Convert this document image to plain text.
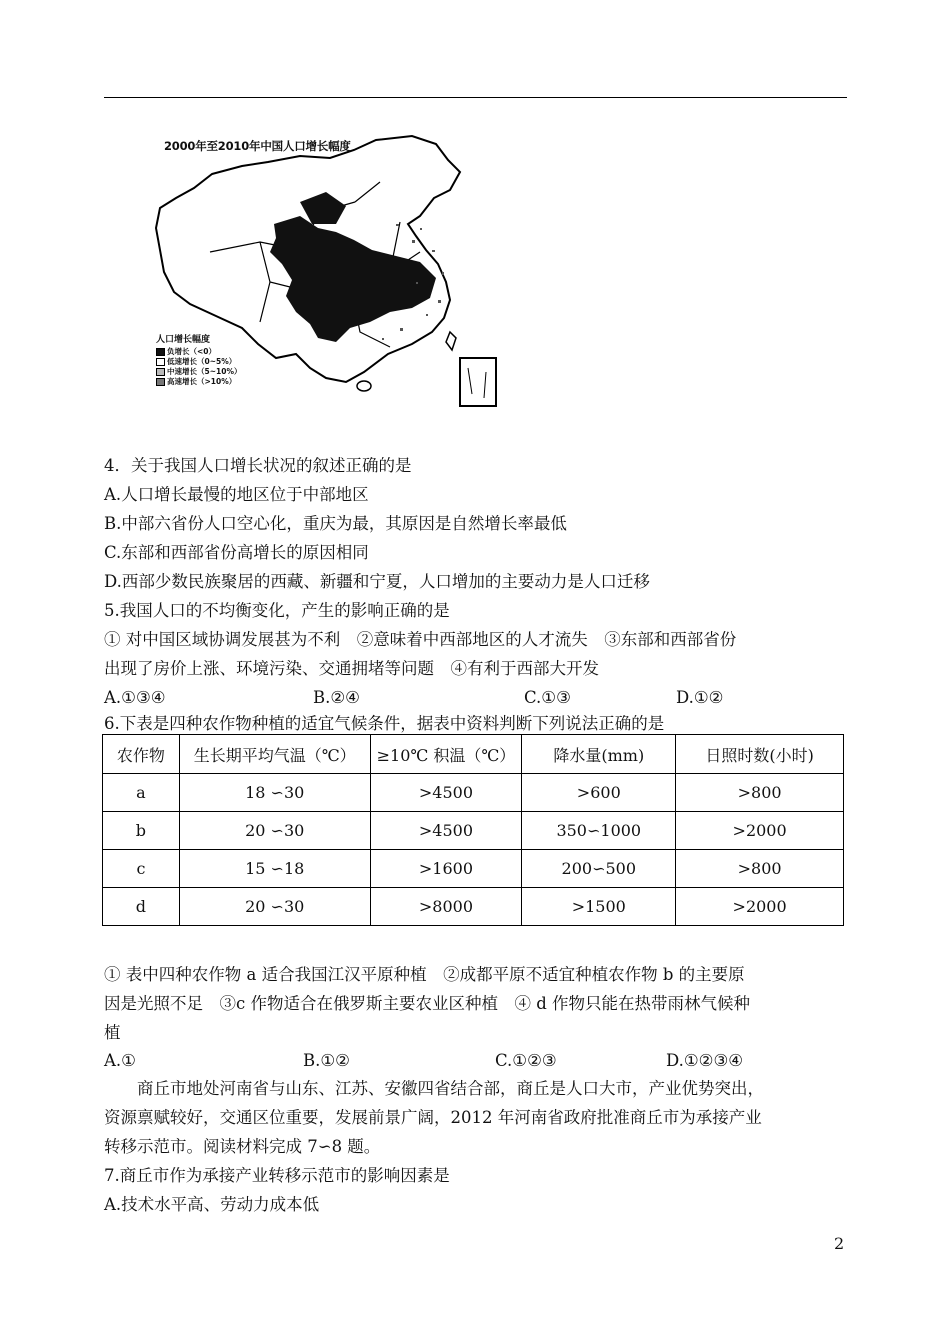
2000年至2010年中国人口增长幅度
人口增长幅度
负增长（<0）
低速增长（0~5%）
中速增长（5~10%）
高速增长（>10%）
4．关于我国人口增长状况的叙述正确的是
A.人口增长最慢的地区位于中部地区
B.中部六省份人口空心化，重庆为最，其原因是自然增长率最低
C.东部和西部省份高增长的原因相同
D.西部少数民族聚居的西藏、新疆和宁夏，人口增加的主要动力是人口迁移
5.我国人口的不均衡变化，产生的影响正确的是
① 对中国区域协调发展甚为不利　②意味着中西部地区的人才流失　③东部和西部省份
出现了房价上涨、环境污染、交通拥堵等问题　④有利于西部大开发
A.①③④	B.②④	C.①③	D.①②
6.下表是四种农作物种植的适宜气候条件，据表中资料判断下列说法正确的是
农作物	生长期平均气温（℃）	≥10℃ 积温（℃）	降水量(mm)	日照时数(小时)
a	18 ∽30	>4500	>600	>800
b	20 ∽30	>4500	350∽1000	>2000
c	15 ∽18	>1600	200∽500	>800
d	20 ∽30	>8000	>1500	>2000
① 表中四种农作物 a 适合我国江汉平原种植　②成都平原不适宜种植农作物 b 的主要原
因是光照不足　③c 作物适合在俄罗斯主要农业区种植　④ d 作物只能在热带雨林气候种
植
A.①	B.①②	C.①②③	D.①②③④
　　商丘市地处河南省与山东、江苏、安徽四省结合部，商丘是人口大市，产业优势突出，
资源禀赋较好，交通区位重要，发展前景广阔，2012 年河南省政府批准商丘市为承接产业
转移示范市。阅读材料完成 7∽8 题。
7.商丘市作为承接产业转移示范市的影响因素是
A.技术水平高、劳动力成本低
2
